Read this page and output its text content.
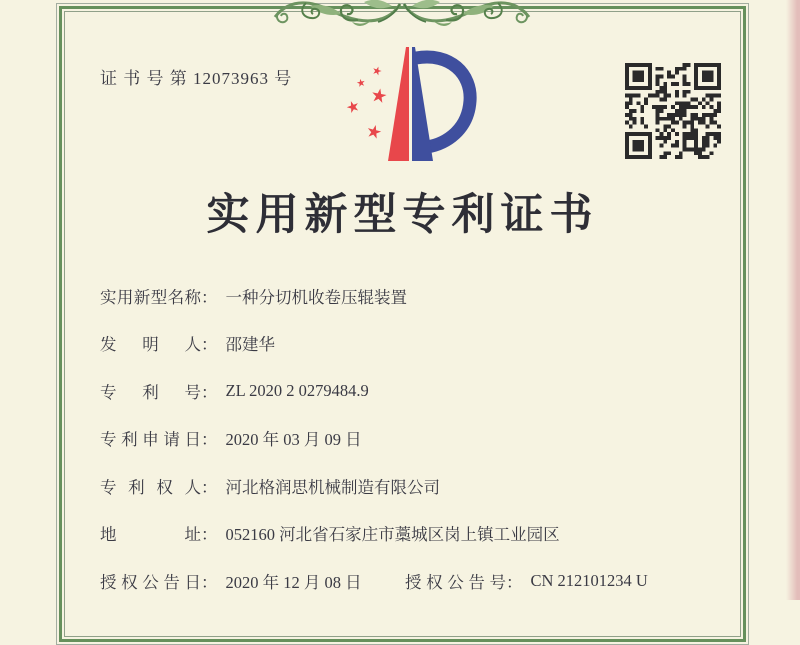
证 书 号 第 12073963 号
实用新型专利证书
实用新型名称 ： 一种分切机收卷压辊装置
发明人 ： 邵建华
专利号 ： ZL 2020 2 0279484.9
专利申请日 ： 2020 年 03 月 09 日
专利权人 ： 河北格润思机械制造有限公司
地址 ： 052160 河北省石家庄市藁城区岗上镇工业园区
授权公告日 ： 2020 年 12 月 08 日	授权公告号 ： CN 212101234 U
